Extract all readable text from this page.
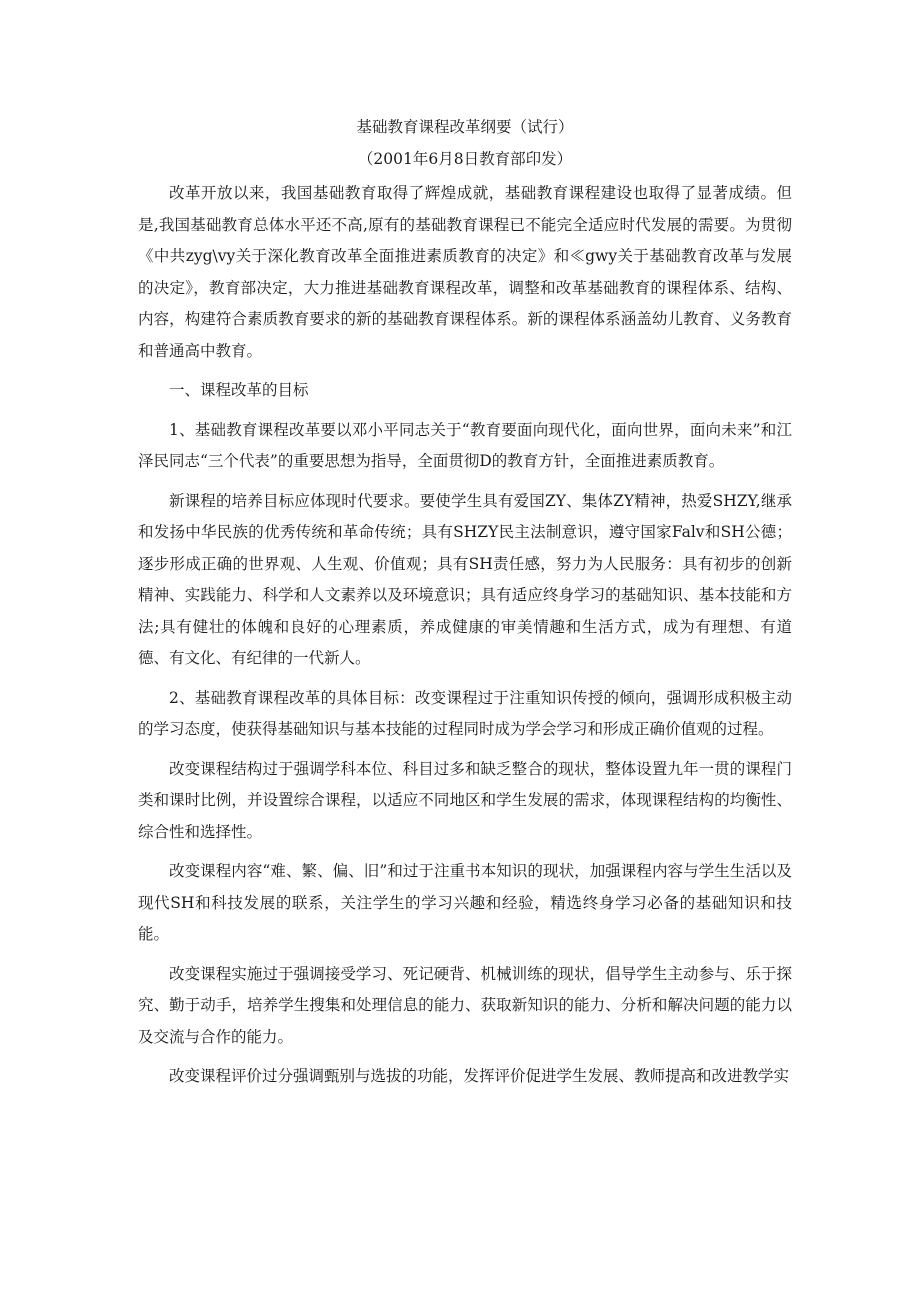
基础教育课程改革纲要（试行）

（2001年6月8日教育部印发）

改革开放以来，我国基础教育取得了辉煌成就，基础教育课程建设也取得了显著成绩。但是,我国基础教育总体水平还不高,原有的基础教育课程已不能完全适应时代发展的需要。为贯彻《中共zyg\vy关于深化教育改革全面推进素质教育的决定》和≪gwy关于基础教育改革与发展的决定》，教育部决定，大力推进基础教育课程改革，调整和改革基础教育的课程体系、结构、内容，构建符合素质教育要求的新的基础教育课程体系。新的课程体系涵盖幼儿教育、义务教育和普通高中教育。

一、课程改革的目标

1、基础教育课程改革要以邓小平同志关于“教育要面向现代化，面向世界，面向未来”和江泽民同志“三个代表”的重要思想为指导，全面贯彻D的教育方针，全面推进素质教育。

新课程的培养目标应体现时代要求。要使学生具有爱国ZY、集体ZY精神，热爱SHZY,继承和发扬中华民族的优秀传统和革命传统；具有SHZY民主法制意识，遵守国家Falv和SH公德；逐步形成正确的世界观、人生观、价值观；具有SH责任感，努力为人民服务：具有初步的创新精神、实践能力、科学和人文素养以及环境意识；具有适应终身学习的基础知识、基本技能和方法;具有健壮的体魄和良好的心理素质，养成健康的审美情趣和生活方式，成为有理想、有道德、有文化、有纪律的一代新人。

2、基础教育课程改革的具体目标：改变课程过于注重知识传授的倾向，强调形成积极主动的学习态度，使获得基础知识与基本技能的过程同时成为学会学习和形成正确价值观的过程。

改变课程结构过于强调学科本位、科目过多和缺乏整合的现状，整体设置九年一贯的课程门类和课时比例，并设置综合课程，以适应不同地区和学生发展的需求，体现课程结构的均衡性、综合性和选择性。

改变课程内容“难、繁、偏、旧”和过于注重书本知识的现状，加强课程内容与学生生活以及现代SH和科技发展的联系，关注学生的学习兴趣和经验，精选终身学习必备的基础知识和技能。

改变课程实施过于强调接受学习、死记硬背、机械训练的现状，倡导学生主动参与、乐于探究、勤于动手，培养学生搜集和处理信息的能力、获取新知识的能力、分析和解决问题的能力以及交流与合作的能力。

改变课程评价过分强调甄别与选拔的功能，发挥评价促进学生发展、教师提高和改进教学实
